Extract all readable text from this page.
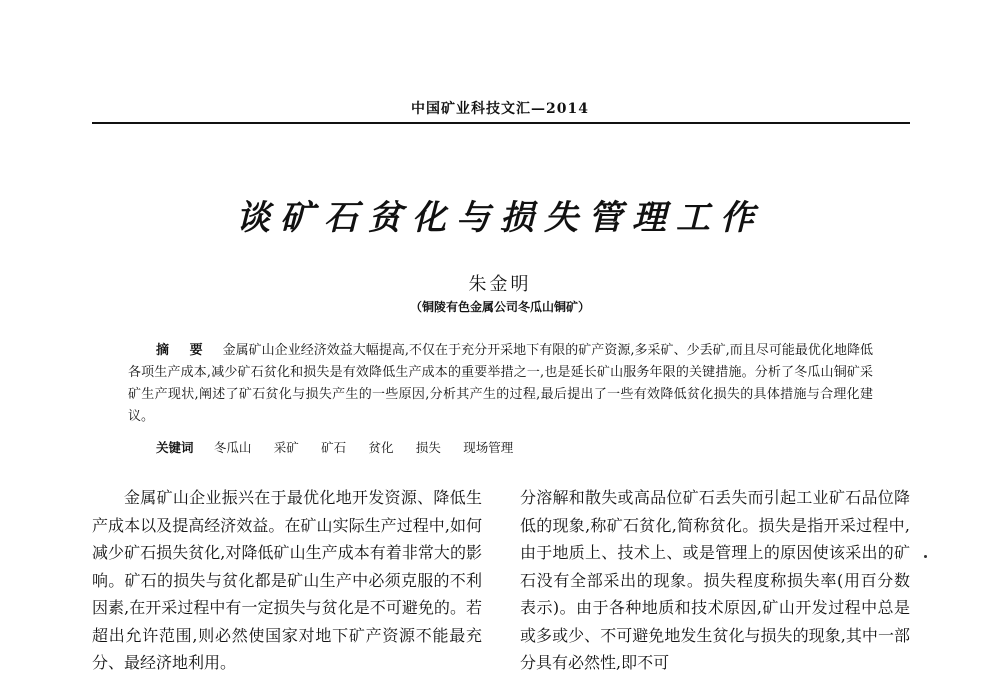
中国矿业科技文汇—2014
谈矿石贫化与损失管理工作
朱金明
（铜陵有色金属公司冬瓜山铜矿）
摘 要 金属矿山企业经济效益大幅提高,不仅在于充分开采地下有限的矿产资源,多采矿、少丢矿,而且尽可能最优化地降低各项生产成本,减少矿石贫化和损失是有效降低生产成本的重要举措之一,也是延长矿山服务年限的关键措施。分析了冬瓜山铜矿采矿生产现状,阐述了矿石贫化与损失产生的一些原因,分析其产生的过程,最后提出了一些有效降低贫化损失的具体措施与合理化建议。
关键词 冬瓜山 采矿 矿石 贫化 损失 现场管理

金属矿山企业振兴在于最优化地开发资源、降低生产成本以及提高经济效益。在矿山实际生产过程中,如何减少矿石损失贫化,对降低矿山生产成本有着非常大的影响。矿石的损失与贫化都是矿山生产中必须克服的不利因素,在开采过程中有一定损失与贫化是不可避免的。若超出允许范围,则必然使国家对地下矿产资源不能最充分、最经济地利用。

分溶解和散失或高品位矿石丢失而引起工业矿石品位降低的现象,称矿石贫化,简称贫化。损失是指开采过程中,由于地质上、技术上、或是管理上的原因使该采出的矿石没有全部采出的现象。损失程度称损失率(用百分数表示)。由于各种地质和技术原因,矿山开发过程中总是或多或少、不可避免地发生贫化与损失的现象,其中一部分具有必然性,即不可
